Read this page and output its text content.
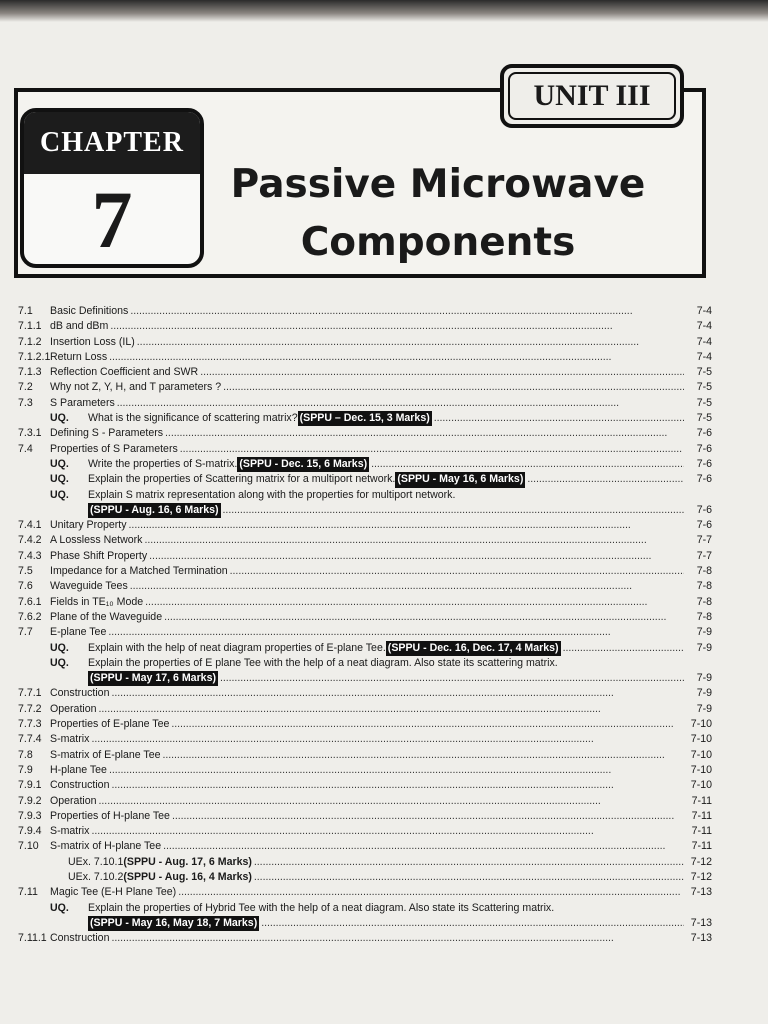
UNIT III
CHAPTER
7	Passive Microwave
Components
7.1	Basic Definitions . . .	7-4
7.1.1 dB and dBm . . .	7-4
7.1.2 Insertion Loss (IL) . . .	7-4
7.1.2.1 Return Loss . . .	7-4
7.1.3 Reflection Coefficient and SWR . . .	7-5
7.2	Why not Z, Y, H, and T parameters ? . . .	7-5
7.3	S Parameters . . .	7-5
UQ.	What is the significance of scattering matrix? (SPPU – Dec. 15, 3 Marks) . . .	7-5
7.3.1 Defining S - Parameters . . .	7-6
7.4	Properties of S Parameters . . .	7-6
UQ.	Write the properties of S-matrix. (SPPU - Dec. 15, 6 Marks) . . .	7-6
UQ.	Explain the properties of Scattering matrix for a multiport network. (SPPU - May 16, 6 Marks) . . .	7-6
UQ.	Explain S matrix representation along with the properties for multiport network.
(SPPU - Aug. 16, 6 Marks) . . .	7-6
7.4.1 Unitary Property . . .	7-6
7.4.2 A Lossless Network . . .	7-7
7.4.3 Phase Shift Property . . .	7-7
7.5	Impedance for a Matched Termination . . .	7-8
7.6	Waveguide Tees . . .	7-8
7.6.1 Fields in TE₁₀ Mode . . .	7-8
7.6.2 Plane of the Waveguide . . .	7-8
7.7	E-plane Tee . . .	7-9
UQ.	Explain with the help of neat diagram properties of E-plane Tee. (SPPU - Dec. 16, Dec. 17, 4 Marks) . . .	7-9
UQ.	Explain the properties of E plane Tee with the help of a neat diagram. Also state its scattering matrix.
(SPPU - May 17, 6 Marks) . . .	7-9
7.7.1 Construction . . .	7-9
7.7.2 Operation . . .	7-9
7.7.3 Properties of E-plane Tee . . .	7-10
7.7.4 S-matrix . . .	7-10
7.8	S-matrix of E-plane Tee . . .	7-10
7.9	H-plane Tee . . .	7-10
7.9.1 Construction . . .	7-10
7.9.2 Operation . . .	7-11
7.9.3 Properties of H-plane Tee . . .	7-11
7.9.4 S-matrix . . .	7-11
7.10	S-matrix of H-plane Tee . . .	7-11
UEx. 7.10.1 (SPPU - Aug. 17, 6 Marks) . . .	7-12
UEx. 7.10.2 (SPPU - Aug. 16, 4 Marks) . . .	7-12
7.11	Magic Tee (E-H Plane Tee) . . .	7-13
UQ.	Explain the properties of Hybrid Tee with the help of a neat diagram. Also state its Scattering matrix.
(SPPU - May 16, May 18, 7 Marks) . . .	7-13
7.11.1 Construction . . .	7-13
